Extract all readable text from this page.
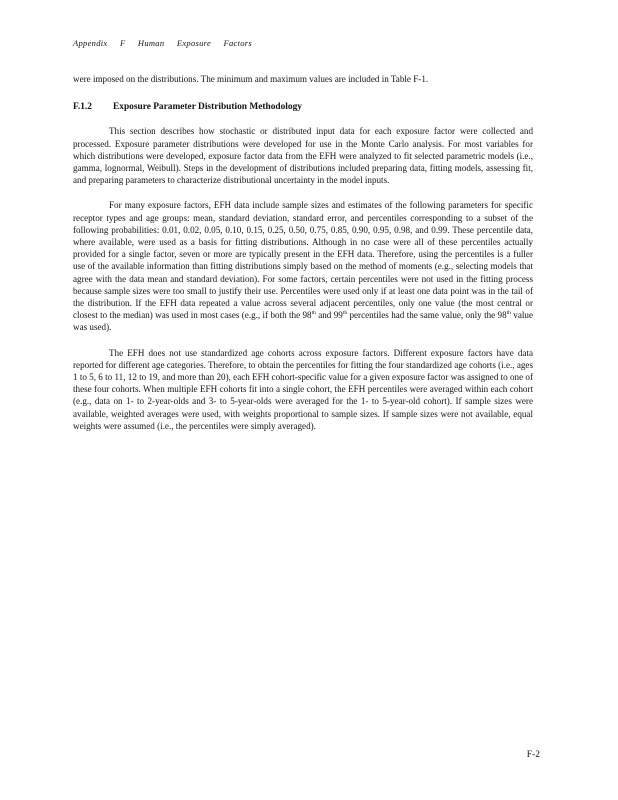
Appendix F Human Exposure Factors

were imposed on the distributions. The minimum and maximum values are included in Table F-1.

F.1.2	Exposure Parameter Distribution Methodology

This section describes how stochastic or distributed input data for each exposure factor were collected and processed. Exposure parameter distributions were developed for use in the Monte Carlo analysis. For most variables for which distributions were developed, exposure factor data from the EFH were analyzed to fit selected parametric models (i.e., gamma, lognormal, Weibull). Steps in the development of distributions included preparing data, fitting models, assessing fit, and preparing parameters to characterize distributional uncertainty in the model inputs.

For many exposure factors, EFH data include sample sizes and estimates of the following parameters for specific receptor types and age groups: mean, standard deviation, standard error, and percentiles corresponding to a subset of the following probabilities: 0.01, 0.02, 0.05, 0.10, 0.15, 0.25, 0.50, 0.75, 0.85, 0.90, 0.95, 0.98, and 0.99. These percentile data, where available, were used as a basis for fitting distributions. Although in no case were all of these percentiles actually provided for a single factor, seven or more are typically present in the EFH data. Therefore, using the percentiles is a fuller use of the available information than fitting distributions simply based on the method of moments (e.g., selecting models that agree with the data mean and standard deviation). For some factors, certain percentiles were not used in the fitting process because sample sizes were too small to justify their use. Percentiles were used only if at least one data point was in the tail of the distribution. If the EFH data repeated a value across several adjacent percentiles, only one value (the most central or closest to the median) was used in most cases (e.g., if both the 98th and 99th percentiles had the same value, only the 98th value was used).

The EFH does not use standardized age cohorts across exposure factors. Different exposure factors have data reported for different age categories. Therefore, to obtain the percentiles for fitting the four standardized age cohorts (i.e., ages 1 to 5, 6 to 11, 12 to 19, and more than 20), each EFH cohort-specific value for a given exposure factor was assigned to one of these four cohorts. When multiple EFH cohorts fit into a single cohort, the EFH percentiles were averaged within each cohort (e.g., data on 1- to 2-year-olds and 3- to 5-year-olds were averaged for the 1- to 5-year-old cohort). If sample sizes were available, weighted averages were used, with weights proportional to sample sizes. If sample sizes were not available, equal weights were assumed (i.e., the percentiles were simply averaged).

F-2
